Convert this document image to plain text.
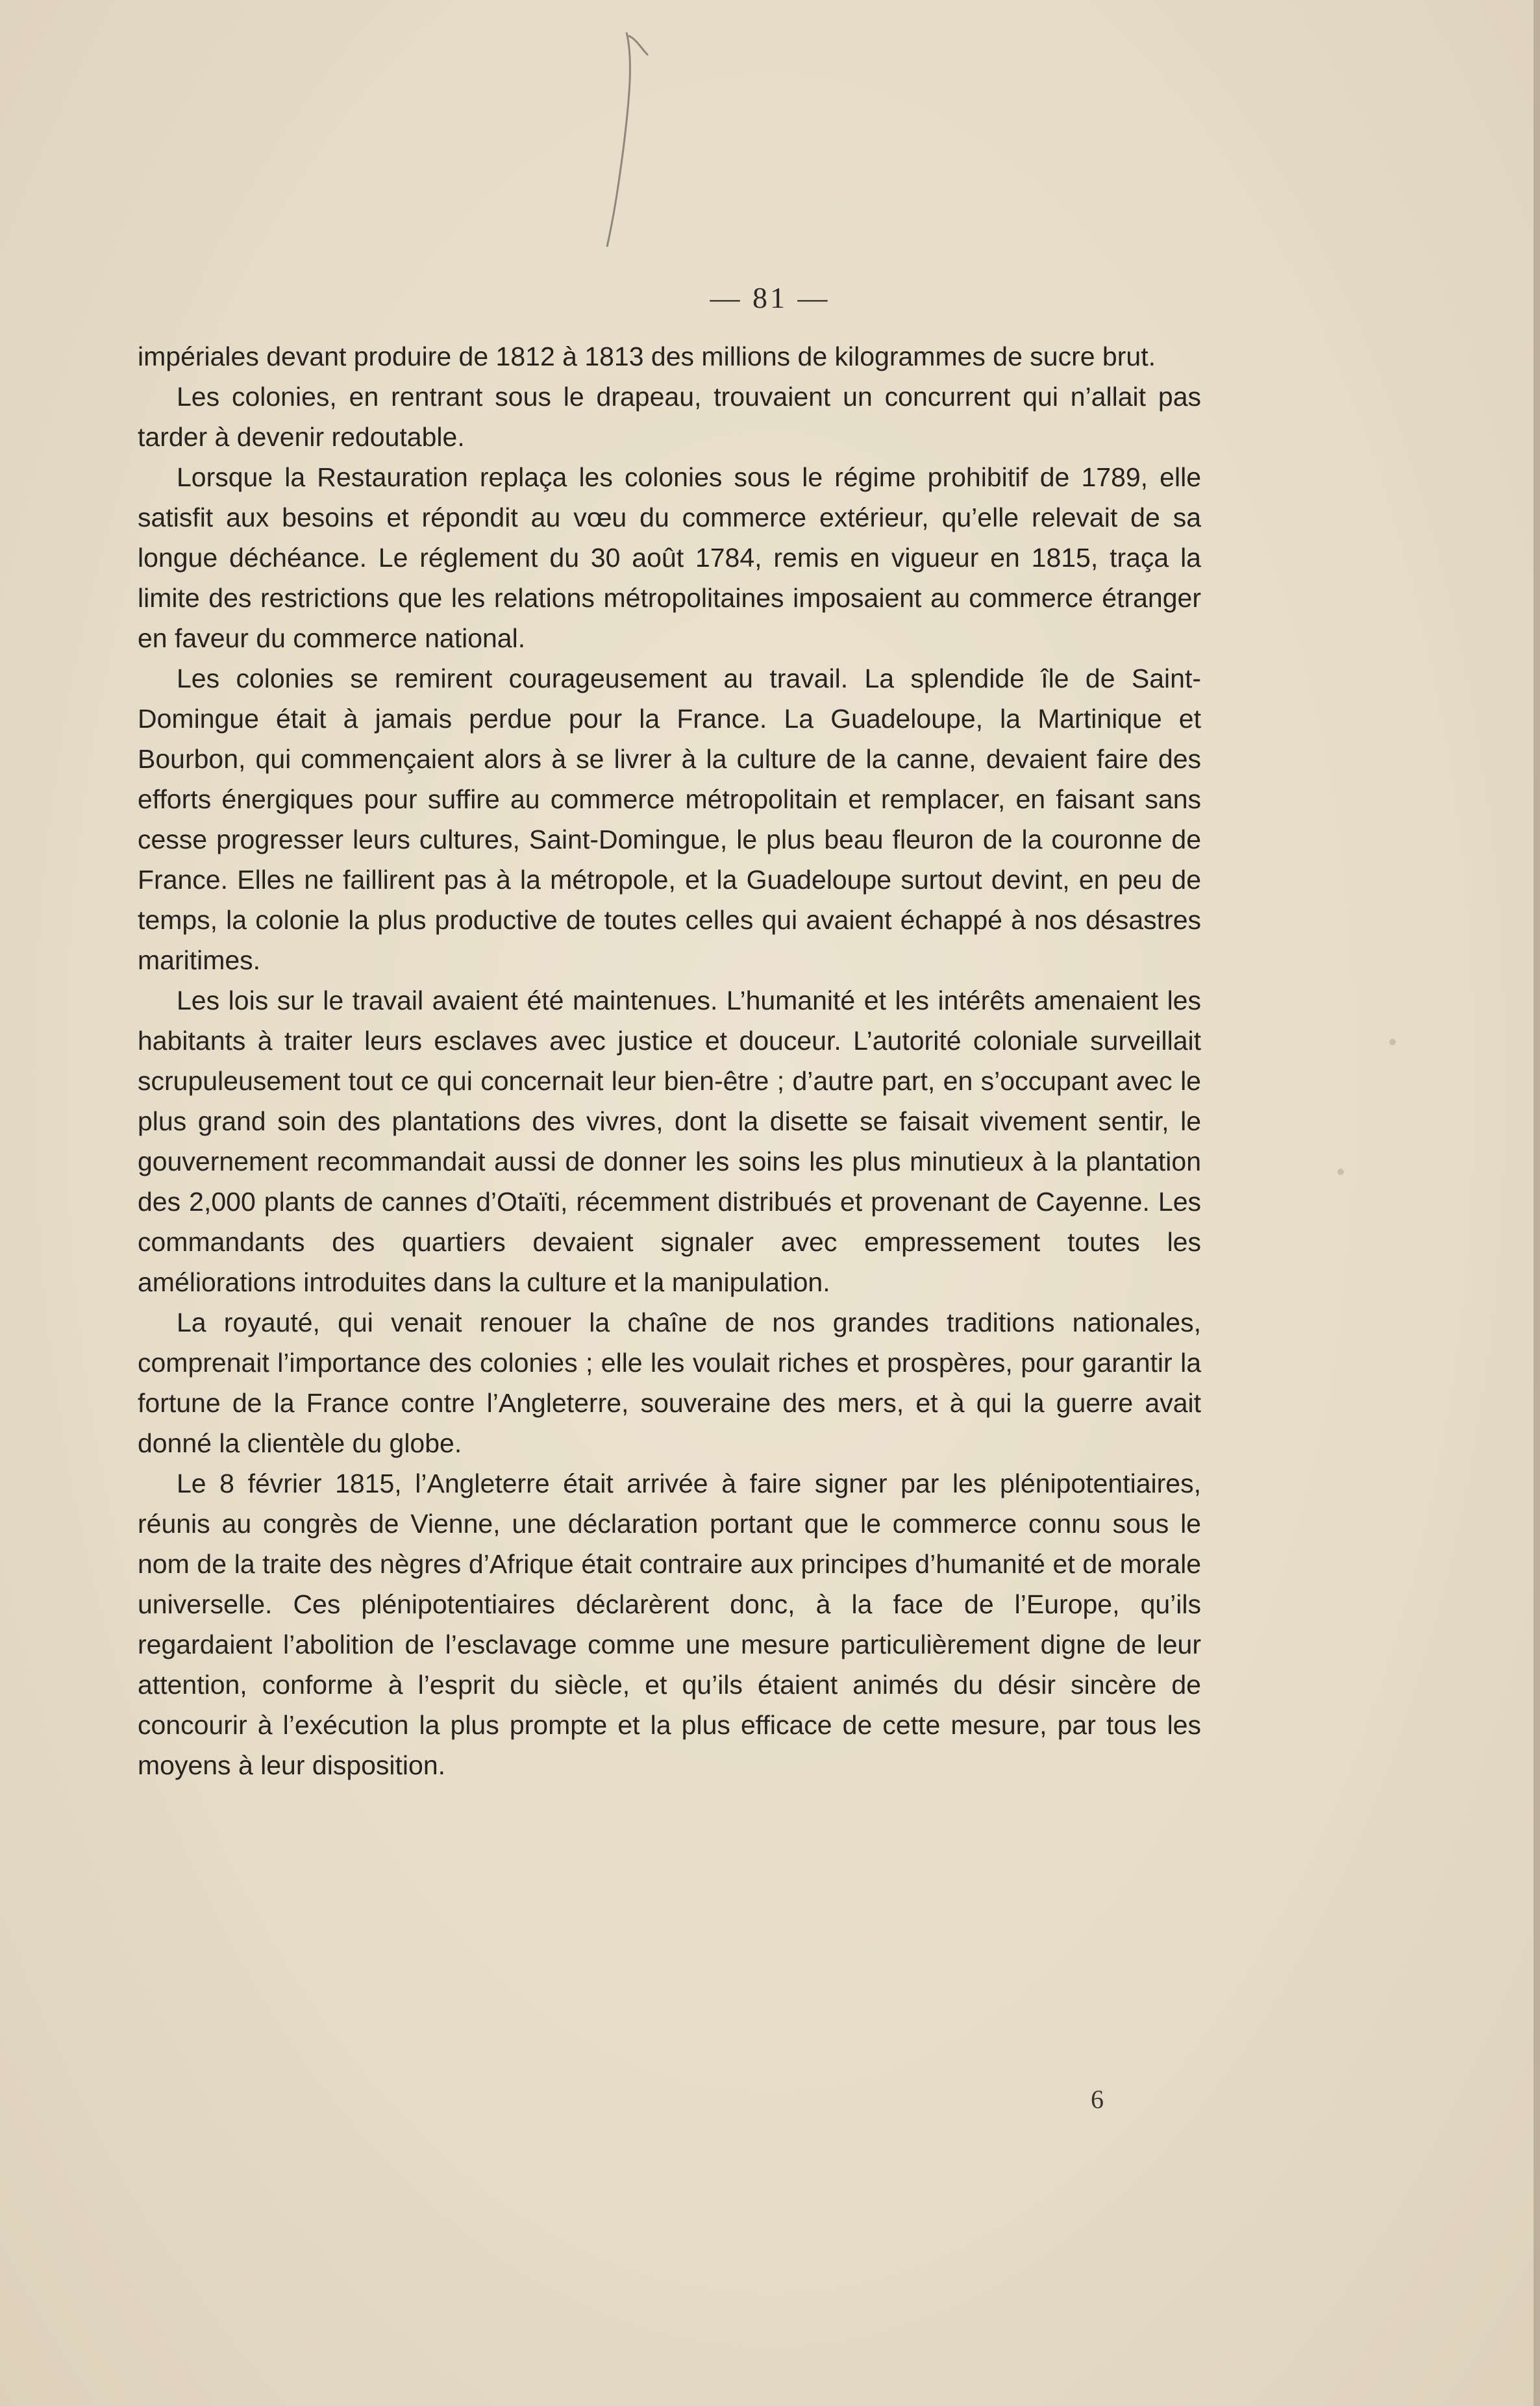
— 81 —

impériales devant produire de 1812 à 1813 des millions de kilogrammes de sucre brut.

Les colonies, en rentrant sous le drapeau, trouvaient un concurrent qui n’allait pas tarder à devenir redoutable.

Lorsque la Restauration replaça les colonies sous le régime prohibitif de 1789, elle satisfit aux besoins et répondit au vœu du commerce extérieur, qu’elle relevait de sa longue déchéance. Le réglement du 30 août 1784, remis en vigueur en 1815, traça la limite des restrictions que les relations métropolitaines imposaient au commerce étranger en faveur du commerce national.

Les colonies se remirent courageusement au travail. La splendide île de Saint-Domingue était à jamais perdue pour la France. La Guadeloupe, la Martinique et Bourbon, qui commençaient alors à se livrer à la culture de la canne, devaient faire des efforts énergiques pour suffire au commerce métropolitain et remplacer, en faisant sans cesse progresser leurs cultures, Saint-Domingue, le plus beau fleuron de la couronne de France. Elles ne faillirent pas à la métropole, et la Guadeloupe surtout devint, en peu de temps, la colonie la plus productive de toutes celles qui avaient échappé à nos désastres maritimes.

Les lois sur le travail avaient été maintenues. L’humanité et les intérêts amenaient les habitants à traiter leurs esclaves avec justice et douceur. L’autorité coloniale surveillait scrupuleusement tout ce qui concernait leur bien-être ; d’autre part, en s’occupant avec le plus grand soin des plantations des vivres, dont la disette se faisait vivement sentir, le gouvernement recommandait aussi de donner les soins les plus minutieux à la plantation des 2,000 plants de cannes d’Otaïti, récemment distribués et provenant de Cayenne. Les commandants des quartiers devaient signaler avec empressement toutes les améliorations introduites dans la culture et la manipulation.

La royauté, qui venait renouer la chaîne de nos grandes traditions nationales, comprenait l’importance des colonies ; elle les voulait riches et prospères, pour garantir la fortune de la France contre l’Angleterre, souveraine des mers, et à qui la guerre avait donné la clientèle du globe.

Le 8 février 1815, l’Angleterre était arrivée à faire signer par les plénipotentiaires, réunis au congrès de Vienne, une déclaration portant que le commerce connu sous le nom de la traite des nègres d’Afrique était contraire aux principes d’humanité et de morale universelle. Ces plénipotentiaires déclarèrent donc, à la face de l’Europe, qu’ils regardaient l’abolition de l’esclavage comme une mesure particulièrement digne de leur attention, conforme à l’esprit du siècle, et qu’ils étaient animés du désir sincère de concourir à l’exécution la plus prompte et la plus efficace de cette mesure, par tous les moyens à leur disposition.

6
